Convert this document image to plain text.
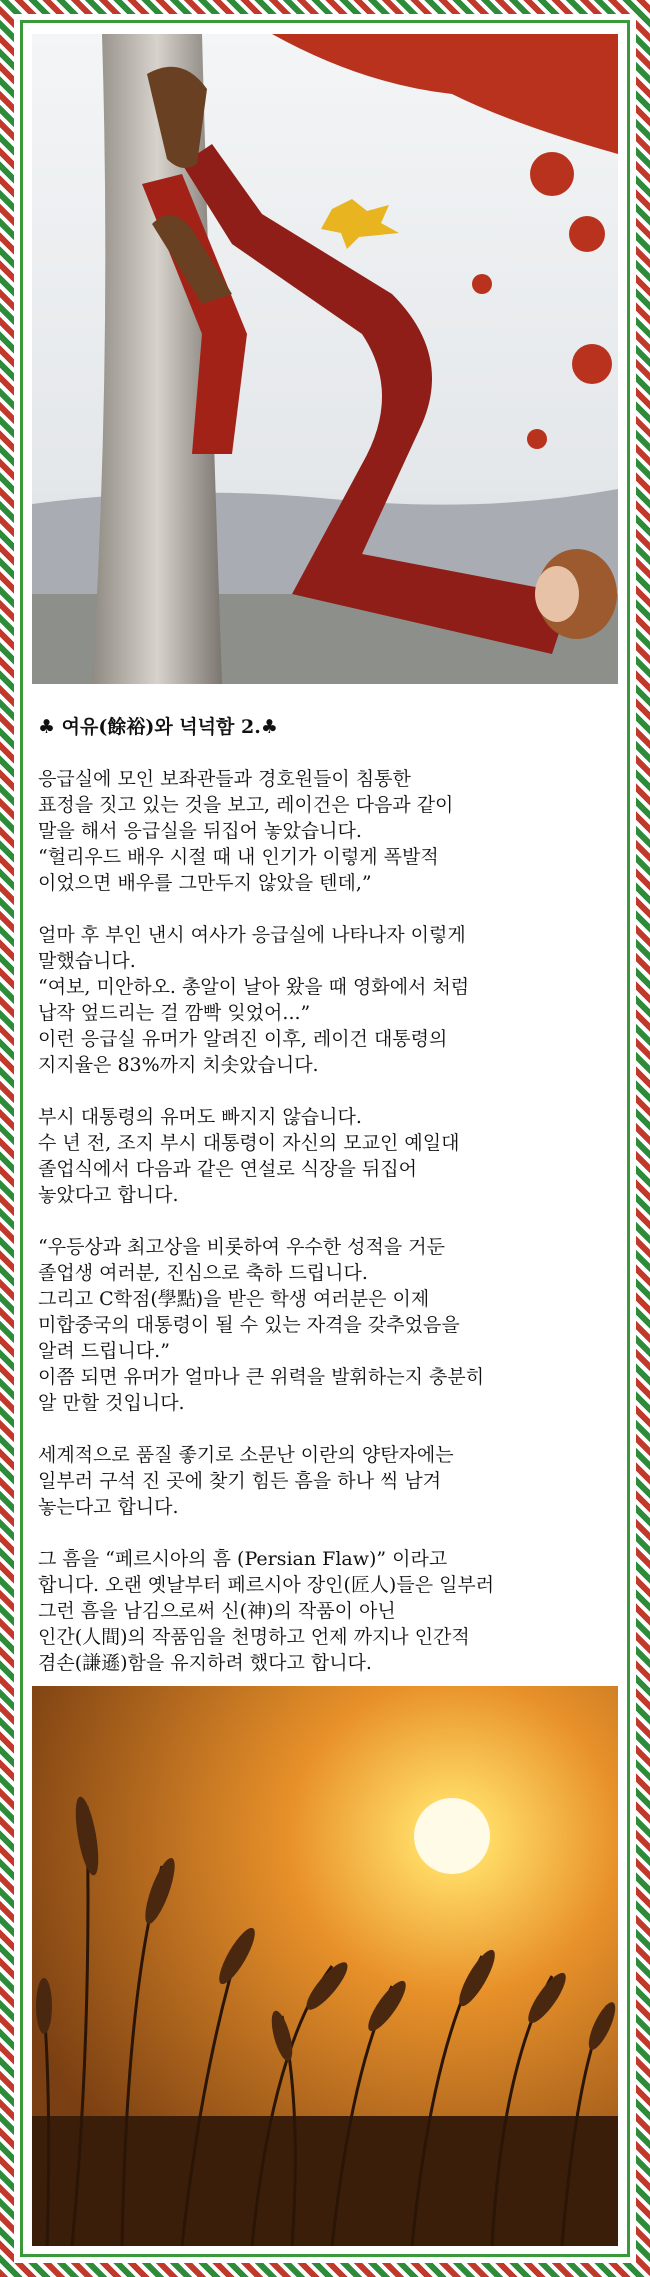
♣ 여유(餘裕)와 넉넉함 2.♣

응급실에 모인 보좌관들과 경호원들이 침통한
표정을 짓고 있는 것을 보고, 레이건은 다음과 같이
말을 해서 응급실을 뒤집어 놓았습니다.
“헐리우드 배우 시절 때 내 인기가 이렇게 폭발적
이었으면 배우를 그만두지 않았을 텐데,”

얼마 후 부인 낸시 여사가 응급실에 나타나자 이렇게
말했습니다.
“여보, 미안하오. 총알이 날아 왔을 때 영화에서 처럼
납작 엎드리는 걸 깜빡 잊었어...”
이런 응급실 유머가 알려진 이후, 레이건 대통령의
지지율은 83%까지 치솟았습니다.

부시 대통령의 유머도 빠지지 않습니다.
수 년 전, 조지 부시 대통령이 자신의 모교인 예일대
졸업식에서 다음과 같은 연설로 식장을 뒤집어
놓았다고 합니다.

“우등상과 최고상을 비롯하여 우수한 성적을 거둔
졸업생 여러분, 진심으로 축하 드립니다.
그리고 C학점(學點)을 받은 학생 여러분은 이제
미합중국의 대통령이 될 수 있는 자격을 갖추었음을
알려 드립니다.”
이쯤 되면 유머가 얼마나 큰 위력을 발휘하는지 충분히
알 만할 것입니다.

세계적으로 품질 좋기로 소문난 이란의 양탄자에는
일부러 구석 진 곳에 찾기 힘든 흠을 하나 씩 남겨
놓는다고 합니다.

그 흠을 “페르시아의 흠 (Persian Flaw)” 이라고
합니다. 오랜 옛날부터 페르시아 장인(匠人)들은 일부러
그런 흠을 남김으로써 신(神)의 작품이 아닌
인간(人間)의 작품임을 천명하고 언제 까지나 인간적
겸손(謙遜)함을 유지하려 했다고 합니다.
